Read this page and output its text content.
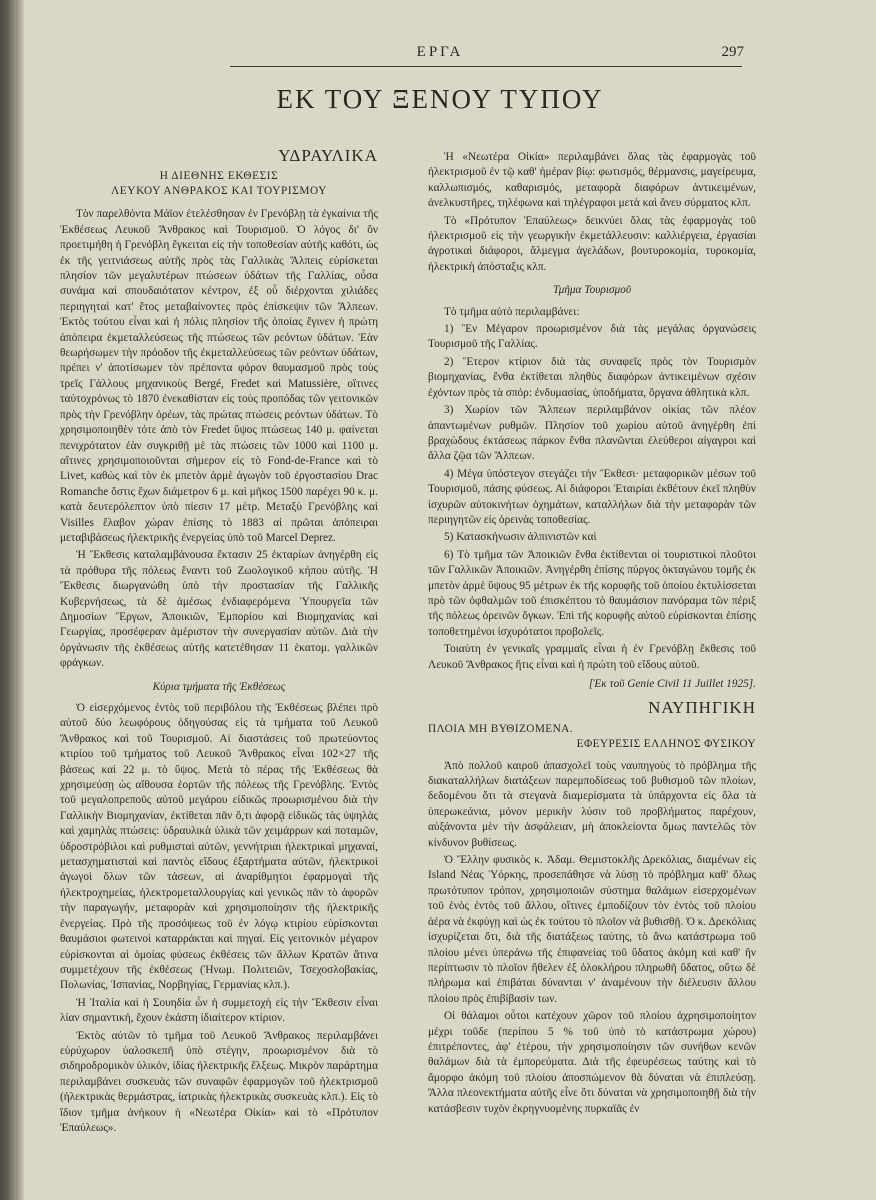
ΕΡΓΑ	297
ΕΚ ΤΟΥ ΞΕΝΟΥ ΤΥΠΟΥ
ΥΔΡΑΥΛΙΚΑ
Η ΔΙΕΘΝΗΣ ΕΚΘΕΣΙΣ
ΛΕΥΚΟΥ ΑΝΘΡΑΚΟΣ ΚΑΙ ΤΟΥΡΙΣΜΟΥ

Τὸν παρελθόντα Μάϊον ἐτελέσθησαν ἐν Γρενόβλῃ τὰ ἐγκαίνια τῆς Ἐκθέσεως Λευκοῦ Ἄνθρακος καὶ Τουρισμοῦ. Ὁ λόγος δι' ὃν προετιμήθη ἡ Γρενόβλη ἔγκειται εἰς τὴν τοποθεσίαν αὐτῆς καθότι, ὡς ἐκ τῆς γειτνιάσεως αὐτῆς πρὸς τὰς Γαλλικὰς Ἄλπεις εὑρίσκεται πλησίον τῶν μεγαλυτέρων πτώσεων ὑδάτων τῆς Γαλλίας, οὖσα συνάμα καὶ σπουδαιότατον κέντρον, ἐξ οὗ διέρχονται χιλιάδες περιηγηταὶ κατ' ἔτος μεταβαίνοντες πρὸς ἐπίσκεψιν τῶν Ἄλπεων. Ἐκτὸς τούτου εἶναι καὶ ἡ πόλις πλησίον τῆς ὁποίας ἔγινεν ἡ πρώτη ἀπόπειρα ἐκμεταλλεύσεως τῆς πτώσεως τῶν ρεόντων ὑδάτων. Ἐὰν θεωρήσωμεν τὴν πρόοδον τῆς ἐκμεταλλεύσεως τῶν ρεόντων ὑδάτων, πρέπει ν' ἀποτίσωμεν τὸν πρέποντα φόρον θαυμασμοῦ πρὸς τοὺς τρεῖς Γάλλους μηχανικοὺς Bergé, Fredet καὶ Matussière, οἵτινες ταὐτοχρόνως τὸ 1870 ἐνεκαθίσταν εἰς τοὺς προπόδας τῶν γειτονικῶν πρὸς τὴν Γρενόβλην ὀρέων, τὰς πρώτας πτώσεις ρεόντων ὑδάτων. Τὸ χρησιμοποιηθὲν τότε ἀπὸ τὸν Fredet ὕψος πτώσεως 140 μ. φαίνεται πενιχρότατον ἐὰν συγκριθῇ μὲ τὰς πτώσεις τῶν 1000 καὶ 1100 μ. αἵτινες χρησιμοποιοῦνται σήμερον εἰς τὸ Fond-de-France καὶ τὸ Livet, καθὼς καὶ τὸν ἐκ μπετὸν ἀρμὲ ἀγωγὸν τοῦ ἐργοστασίου Drac Romanche ὅστις ἔχων διάμετρον 6 μ. καὶ μῆκος 1500 παρέχει 90 κ. μ. κατὰ δευτερόλεπτον ὑπὸ πίεσιν 17 μέτρ. Μεταξὺ Γρενόβλης καὶ Visilles ἔλαβον χώραν ἐπίσης τὸ 1883 αἱ πρῶται ἀπόπειραι μεταβιβάσεως ἠλεκτρικῆς ἐνεργείας ὑπὸ τοῦ Marcel Deprez.

Ἡ Ἔκθεσις καταλαμβάνουσα ἔκτασιν 25 ἑκταρίων ἀνηγέρθη εἰς τὰ πρόθυρα τῆς πόλεως ἔναντι τοῦ Ζωολογικοῦ κήπου αὐτῆς. Ἡ Ἔκθεσις διωργανώθη ὑπὸ τὴν προστασίαν τῆς Γαλλικῆς Κυβερνήσεως, τὰ δὲ ἁμέσως ἐνδιαφερόμενα Ὑπουργεῖα τῶν Δημοσίων Ἔργων, Ἀποικιῶν, Ἐμπορίου καὶ Βιομηχανίας καὶ Γεωργίας, προσέφεραν ἀμέριστον τὴν συνεργασίαν αὐτῶν. Διὰ τὴν ὀργάνωσιν τῆς ἐκθέσεως αὐτῆς κατετέθησαν 11 ἑκατομ. γαλλικῶν φράγκων.

Κύρια τμήματα τῆς Ἐκθέσεως

Ὁ εἰσερχόμενος ἐντὸς τοῦ περιβόλου τῆς Ἐκθέσεως βλέπει πρὸ αὐτοῦ δύο λεωφόρους ὁδηγούσας εἰς τὰ τμήματα τοῦ Λευκοῦ Ἄνθρακος καὶ τοῦ Τουρισμοῦ. Αἱ διαστάσεις τοῦ πρωτεύοντος κτιρίου τοῦ τμήματος τοῦ Λευκοῦ Ἄνθρακος εἶναι 102×27 τῆς βάσεως καὶ 22 μ. τὸ ὕψος. Μετὰ τὸ πέρας τῆς Ἐκθέσεως θὰ χρησιμεύσῃ ὡς αἴθουσα ἑορτῶν τῆς πόλεως τῆς Γρενόβλης. Ἐντὸς τοῦ μεγαλοπρεποῦς αὐτοῦ μεγάρου εἰδικῶς προωρισμένου διὰ τὴν Γαλλικὴν Βιομηχανίαν, ἐκτίθεται πᾶν ὅ,τι ἀφορᾷ εἰδικῶς τὰς ὑψηλὰς καὶ χαμηλὰς πτώσεις: ὑδραυλικὰ ὑλικὰ τῶν χειμάρρων καὶ ποταμῶν, ὑδροστρόβιλοι καὶ ρυθμισταὶ αὐτῶν, γεννήτριαι ἠλεκτρικαὶ μηχαναί, μετασχηματισταὶ καὶ παντὸς εἴδους ἐξαρτήματα αὐτῶν, ἠλεκτρικοὶ ἀγωγοὶ ὅλων τῶν τάσεων, αἱ ἀναρίθμητοι ἐφαρμογαὶ τῆς ἠλεκτροχημείας, ἠλεκτρομεταλλουργίας καὶ γενικῶς πᾶν τὸ ἀφορῶν τὴν παραγωγήν, μεταφορὰν καὶ χρησιμοποίησιν τῆς ἠλεκτρικῆς ἐνεργείας. Πρὸ τῆς προσόψεως τοῦ ἐν λόγῳ κτιρίου εὑρίσκονται θαυμάσιοι φωτεινοὶ καταρράκται καὶ πηγαί. Εἰς γειτονικὸν μέγαρον εὑρίσκονται αἱ ὁμοίας φύσεως ἐκθέσεις τῶν ἄλλων Κρατῶν ἅτινα συμμετέχουν τῆς ἐκθέσεως (Ἡνωμ. Πολιτειῶν, Τσεχοσλοβακίας, Πολωνίας, Ἱσπανίας, Νορβηγίας, Γερμανίας κλπ.).

Ἡ Ἰταλία καὶ ἡ Σουηδία ὧν ἡ συμμετοχὴ εἰς τὴν Ἔκθεσιν εἶναι λίαν σημαντική, ἔχουν ἑκάστη ἰδιαίτερον κτίριον.

Ἐκτὸς αὐτῶν τὸ τμῆμα τοῦ Λευκοῦ Ἄνθρακος περιλαμβάνει εὐρύχωρον ὑαλοσκεπῆ ὑπὸ στέγην, προωρισμένον διὰ τὸ σιδηροδρομικὸν ὑλικόν, ἰδίας ἠλεκτρικῆς ἕλξεως. Μικρὸν παράρτημα περιλαμβάνει συσκευὰς τῶν συναφῶν ἐφαρμογῶν τοῦ ἠλεκτρισμοῦ (ἠλεκτρικὰς θερμάστρας, ἰατρικὰς ἠλεκτρικὰς συσκευὰς κλπ.). Εἰς τὸ ἴδιον τμῆμα ἀνήκουν ἡ «Νεωτέρα Οἰκία» καὶ τὸ «Πρότυπον Ἐπαύλεως».

Ἡ «Νεωτέρα Οἰκία» περιλαμβάνει ὅλας τὰς ἐφαρμογὰς τοῦ ἠλεκτρισμοῦ ἐν τῷ καθ' ἡμέραν βίῳ: φωτισμός, θέρμανσις, μαγείρευμα, καλλωπισμός, καθαρισμός, μεταφορὰ διαφόρων ἀντικειμένων, ἀνελκυστῆρες, τηλέφωνα καὶ τηλέγραφοι μετὰ καὶ ἄνευ σύρματος κλπ.

Τὸ «Πρότυπον Ἐπαύλεως» δεικνύει ὅλας τὰς ἐφαρμογὰς τοῦ ἠλεκτρισμοῦ εἰς τὴν γεωργικὴν ἐκμετάλλευσιν: καλλιέργεια, ἐργασίαι ἀγροτικαὶ διάφοροι, ἄλμεγμα ἀγελάδων, βουτυροκομία, τυροκομία, ἠλεκτρικὴ ἀπόσταξις κλπ.

Τμῆμα Τουρισμοῦ

Τὸ τμῆμα αὐτὸ περιλαμβάνει:

1) Ἓν Μέγαρον προωρισμένον διὰ τὰς μεγάλας ὀργανώσεις Τουρισμοῦ τῆς Γαλλίας.

2) Ἕτερον κτίριον διὰ τὰς συναφεῖς πρὸς τὸν Τουρισμὸν βιομηχανίας, ἔνθα ἐκτίθεται πληθὺς διαφόρων ἀντικειμένων σχέσιν ἐχόντων πρὸς τὰ σπόρ: ἐνδυμασίας, ὑποδήματα, ὄργανα ἀθλητικὰ κλπ.

3) Χωρίον τῶν Ἄλπεων περιλαμβάνον οἰκίας τῶν πλέον ἀπαντωμένων ρυθμῶν. Πλησίον τοῦ χωρίου αὐτοῦ ἀνηγέρθη ἐπὶ βραχώδους ἐκτάσεως πάρκον ἔνθα πλανῶνται ἐλεύθεροι αἰγαγροι καὶ ἄλλα ζῷα τῶν Ἄλπεων.

4) Μέγα ὑπόστεγον στεγάζει τὴν Ἔκθεσι· μεταφορικῶν μέσων τοῦ Τουρισμοῦ, πάσης φύσεως. Αἱ διάφοροι Ἑταιρίαι ἐκθέτουν ἐκεῖ πληθὺν ἰσχυρῶν αὐτοκινήτων ὀχημάτων, καταλλήλων διὰ τὴν μεταφορὰν τῶν περιηγητῶν εἰς ὀρεινὰς τοποθεσίας.

5) Κατασκήνωσιν ἀλπινιστῶν καὶ

6) Τὸ τμῆμα τῶν Ἀποικιῶν ἔνθα ἐκτίθενται οἱ τουριστικοὶ πλοῦτοι τῶν Γαλλικῶν Ἀποικιῶν. Ἀνηγέρθη ἐπίσης πύργος ὀκταγώνου τομῆς ἐκ μπετὸν ἀρμὲ ὕψους 95 μέτρων ἐκ τῆς κορυφῆς τοῦ ὁποίου ἐκτυλίσσεται πρὸ τῶν ὀφθαλμῶν τοῦ ἐπισκέπτου τὸ θαυμάσιον πανόραμα τῶν πέριξ τῆς πόλεως ὀρεινῶν ὄγκων. Ἐπὶ τῆς κορυφῆς αὐτοῦ εὑρίσκονται ἐπίσης τοποθετημένοι ἰσχυρότατοι προβολεῖς.

Τοιαύτη ἐν γενικαῖς γραμμαῖς εἶναι ἡ ἐν Γρενόβλῃ ἔκθεσις τοῦ Λευκοῦ Ἄνθρακος ἥτις εἶναι καὶ ἡ πρώτη τοῦ εἴδους αὐτοῦ.

[Ἐκ τοῦ Genie Civil 11 Juillet 1925].
ΝΑΥΠΗΓΙΚΗ
ΠΛΟΙΑ ΜΗ ΒΥΘΙΖΟΜΕΝΑ.
ΕΦΕΥΡΕΣΙΣ ΕΛΛΗΝΟΣ ΦΥΣΙΚΟΥ

Ἀπὸ πολλοῦ καιροῦ ἀπασχολεῖ τοὺς ναυπηγοὺς τὸ πρόβλημα τῆς διακαταλλήλων διατάξεων παρεμποδίσεως τοῦ βυθισμοῦ τῶν πλοίων, δεδομένου ὅτι τὰ στεγανὰ διαμερίσματα τὰ ὑπάρχοντα εἰς ὅλα τὰ ὑπερωκεάνια, μόνον μερικὴν λύσιν τοῦ προβλήματος παρέχουν, αὐξάνοντα μὲν τὴν ἀσφάλειαν, μὴ ἀποκλείοντα ὅμως παντελῶς τὸν κίνδυνον βυθίσεως.

Ὁ Ἕλλην φυσικὸς κ. Ἀδαμ. Θεμιστοκλῆς Δρεκόλιας, διαμένων εἰς Island Νέας Ὑόρκης, προσεπάθησε νὰ λύσῃ τὸ πρόβλημα καθ' ὅλως πρωτότυπον τρόπον, χρησιμοποιῶν σύστημα θαλάμων εἰσερχομένων τοῦ ἑνὸς ἐντὸς τοῦ ἄλλου, οἵτινες ἐμποδίζουν τὸν ἐντὸς τοῦ πλοίου ἀέρα νὰ ἐκφύγῃ καὶ ὡς ἐκ τούτου τὸ πλοῖον νὰ βυθισθῇ. Ὁ κ. Δρεκόλιας ἰσχυρίζεται ὅτι, διὰ τῆς διατάξεως ταύτης, τὸ ἄνω κατάστρωμα τοῦ πλοίου μένει ὑπεράνω τῆς ἐπιφανείας τοῦ ὕδατος ἀκόμη καὶ καθ' ἣν περίπτωσιν τὸ πλοῖον ἤθελεν ἐξ ὁλοκλήρου πληρωθῆ ὕδατος, οὕτω δὲ πλήρωμα καὶ ἐπιβάται δύνανται ν' ἀναμένουν τὴν διέλευσιν ἄλλου πλοίου πρὸς ἐπιβίβασίν των.

Οἱ θάλαμοι οὗτοι κατέχουν χῶρον τοῦ πλοίου ἀχρησιμοποίητον μέχρι τοῦδε (περίπου 5 % τοῦ ὑπὸ τὸ κατάστρωμα χώρου) ἐπιτρέποντες, ἀφ' ἑτέρου, τὴν χρησιμοποίησιν τῶν συνήθων κενῶν θαλάμων διὰ τὰ ἐμπορεύματα. Διὰ τῆς ἐφευρέσεως ταύτης καὶ τὸ ἄμορφο ἀκόμη τοῦ πλοίου ἀποσπώμενον θὰ δύναται νὰ ἐπιπλεύσῃ. Ἄλλα πλεονεκτήματα αὐτῆς εἶνε ὅτι δύναται νὰ χρησιμοποιηθῇ διὰ τὴν κατάσβεσιν τυχὸν ἐκρηγνυομένης πυρκαϊᾶς ἐν
